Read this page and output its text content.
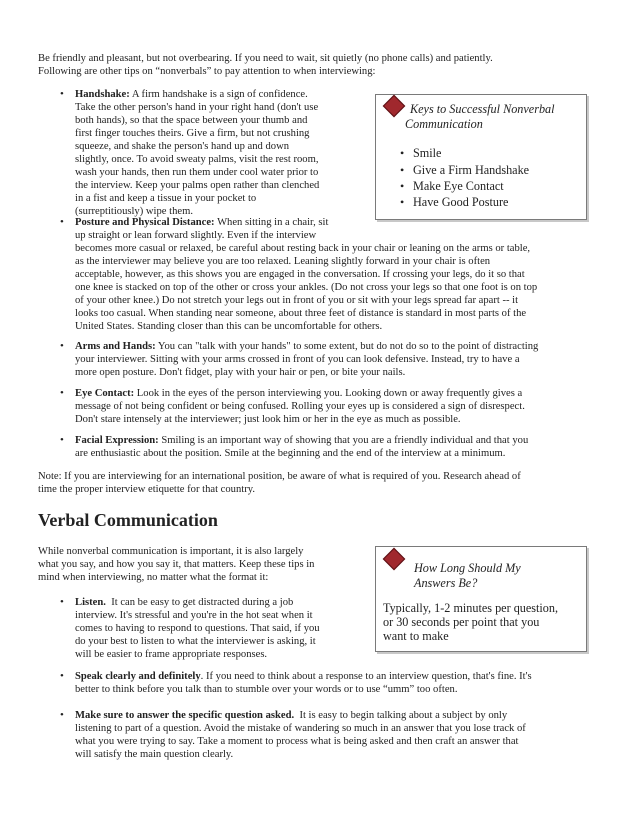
Be friendly and pleasant, but not overbearing. If you need to wait, sit quietly (no phone calls) and patiently.

Following are other tips on “nonverbals” to pay attention to when interviewing:

• Handshake: A firm handshake is a sign of confidence.

Take the other person's hand in your right hand (don't use

both hands), so that the space between your thumb and

first finger touches theirs. Give a firm, but not crushing

squeeze, and shake the person's hand up and down

slightly, once. To avoid sweaty palms, visit the rest room,

wash your hands, then run them under cool water prior to

the interview. Keep your palms open rather than clenched

in a fist and keep a tissue in your pocket to

(surreptitiously) wipe them.

Keys to Successful Nonverbal
Communication
• Smile
• Give a Firm Handshake
• Make Eye Contact
• Have Good Posture
• Posture and Physical Distance: When sitting in a chair, sit

up straight or lean forward slightly. Even if the interview

becomes more casual or relaxed, be careful about resting back in your chair or leaning on the arms or table,

as the interviewer may believe you are too relaxed. Leaning slightly forward in your chair is often

acceptable, however, as this shows you are engaged in the conversation. If crossing your legs, do it so that

one knee is stacked on top of the other or cross your ankles. (Do not cross your legs so that one foot is on top

of your other knee.) Do not stretch your legs out in front of you or sit with your legs spread far apart -- it

looks too casual. When standing near someone, about three feet of distance is standard in most parts of the

United States. Standing closer than this can be uncomfortable for others.

• Arms and Hands: You can "talk with your hands" to some extent, but do not do so to the point of distracting

your interviewer. Sitting with your arms crossed in front of you can look defensive. Instead, try to have a

more open posture. Don't fidget, play with your hair or pen, or bite your nails.

• Eye Contact: Look in the eyes of the person interviewing you. Looking down or away frequently gives a

message of not being confident or being confused. Rolling your eyes up is considered a sign of disrespect.

Don't stare intensely at the interviewer; just look him or her in the eye as much as possible.

• Facial Expression: Smiling is an important way of showing that you are a friendly individual and that you

are enthusiastic about the position. Smile at the beginning and the end of the interview at a minimum.

Note: If you are interviewing for an international position, be aware of what is required of you. Research ahead of

time the proper interview etiquette for that country.

Verbal Communication

While nonverbal communication is important, it is also largely

what you say, and how you say it, that matters. Keep these tips in

mind when interviewing, no matter what the format it:

How Long Should My
Answers Be?

Typically, 1-2 minutes per question,

or 30 seconds per point that you

want to make

• Listen. It can be easy to get distracted during a job

interview. It's stressful and you're in the hot seat when it

comes to having to respond to questions. That said, if you

do your best to listen to what the interviewer is asking, it

will be easier to frame appropriate responses.

• Speak clearly and definitely. If you need to think about a response to an interview question, that's fine. It's

better to think before you talk than to stumble over your words or to use “umm” too often.

• Make sure to answer the specific question asked. It is easy to begin talking about a subject by only

listening to part of a question. Avoid the mistake of wandering so much in an answer that you lose track of

what you were trying to say. Take a moment to process what is being asked and then craft an answer that

will satisfy the main question clearly.
